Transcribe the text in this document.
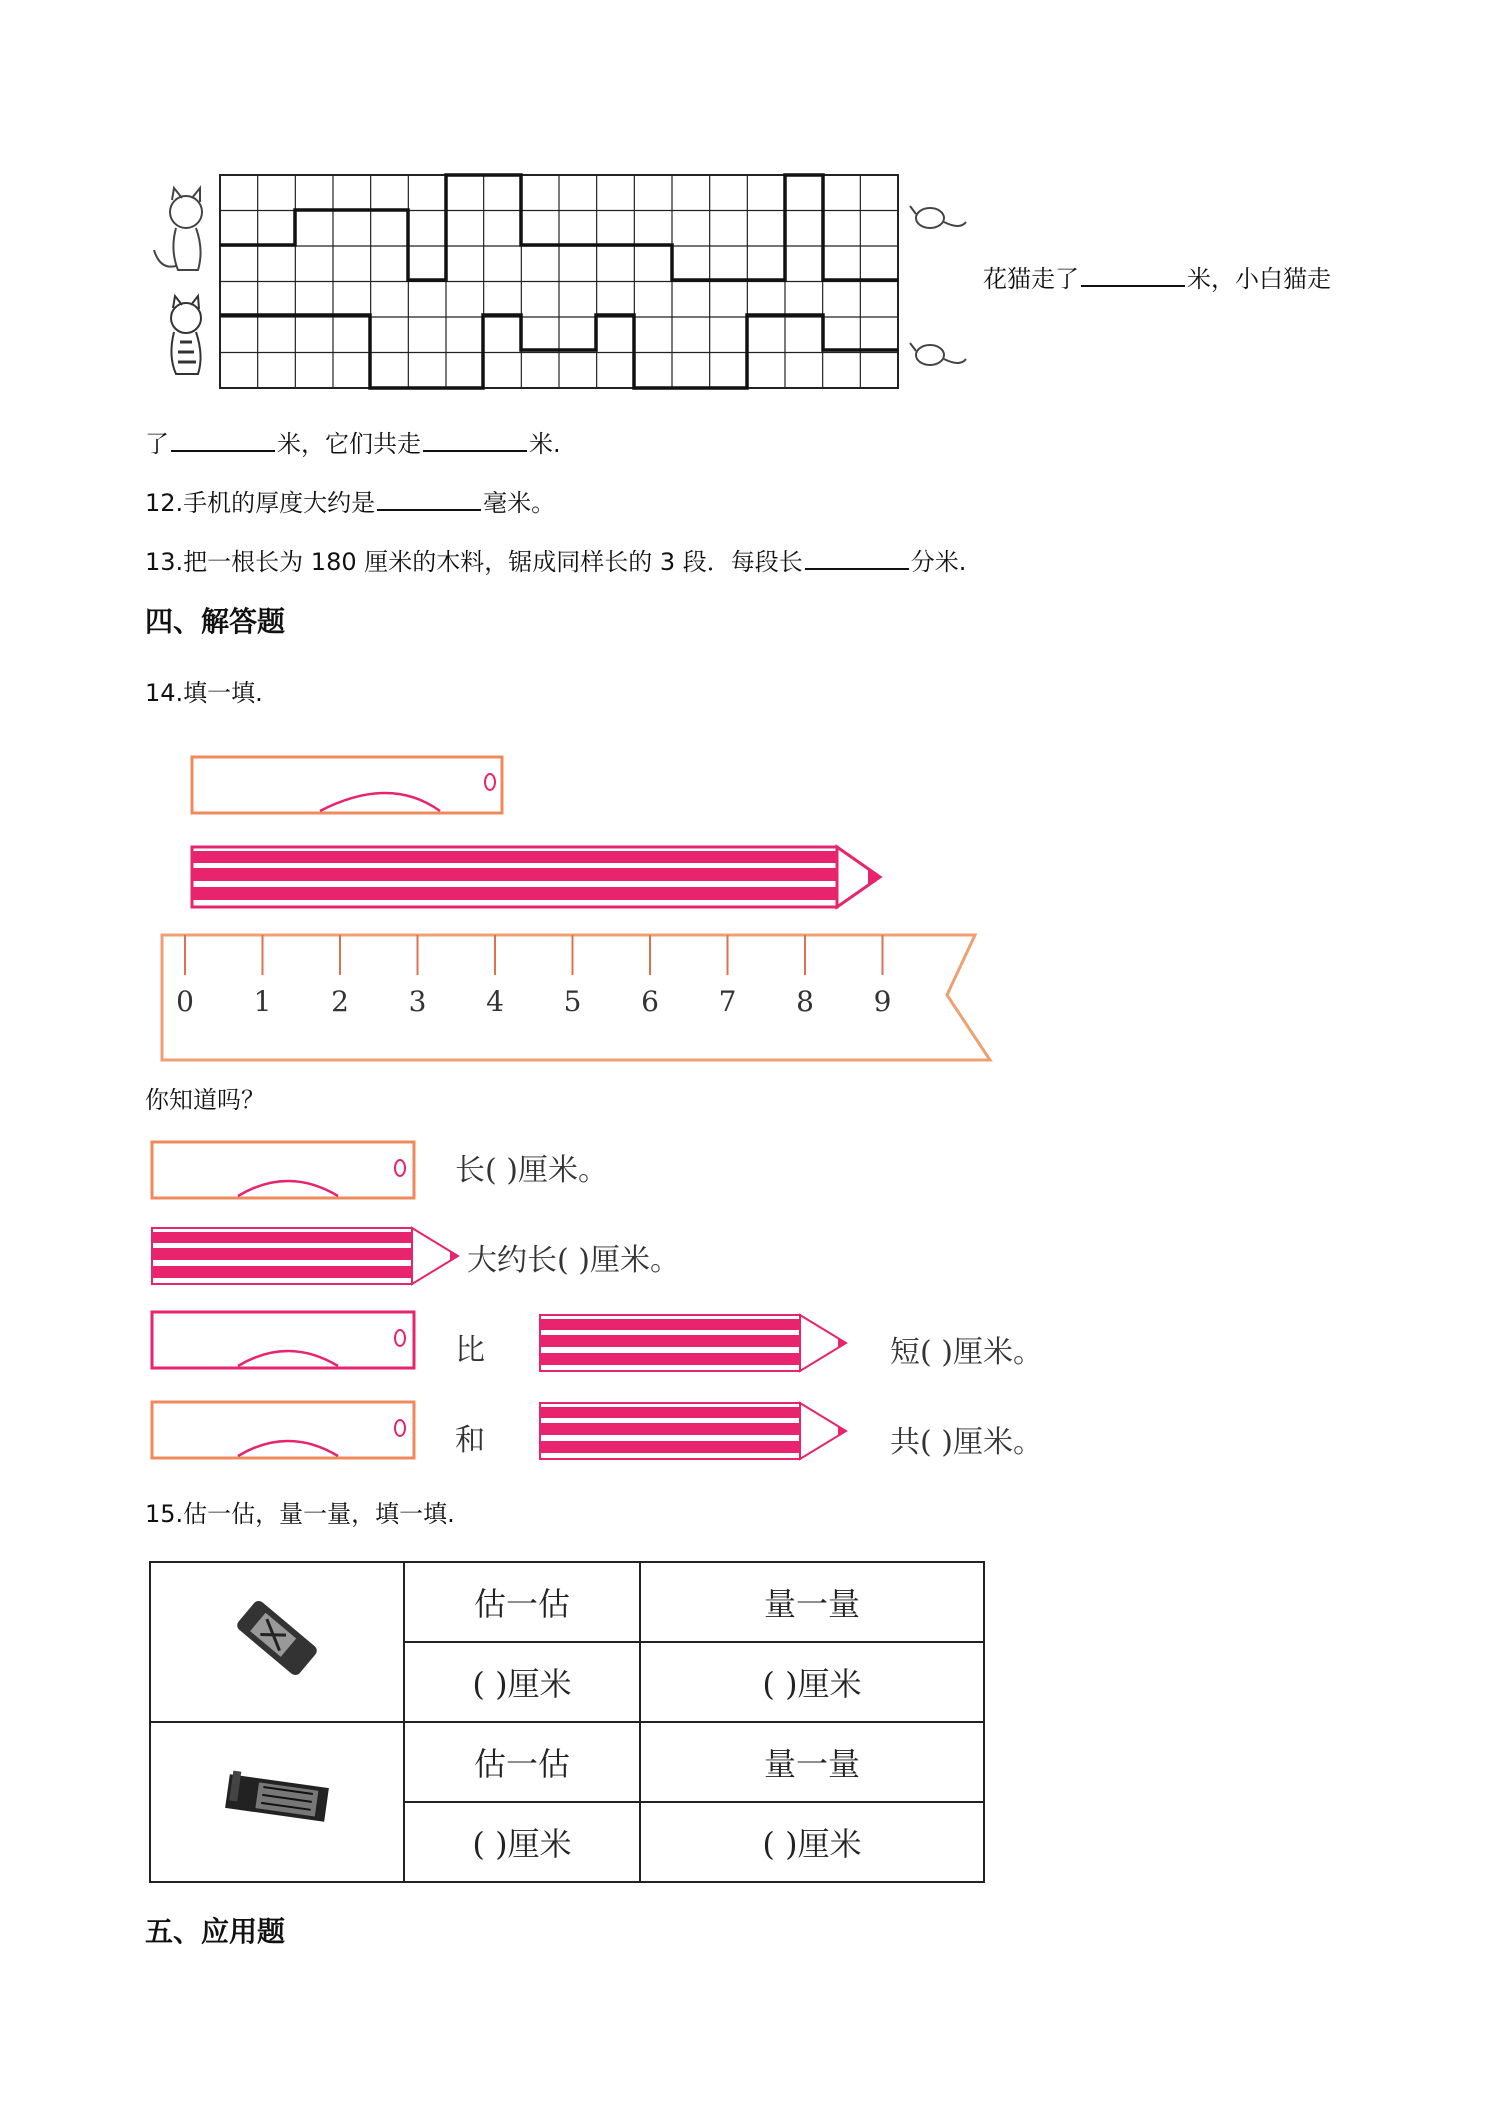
花猫走了	米，小白猫走
了	米，它们共走	米.
12.手机的厚度大约是	毫米。
13.把一根长为 180 厘米的木料，锯成同样长的 3 段．每段长	分米.
四、解答题
14.填一填.
0 1 2 3 4 5 6 7 8 9
你知道吗？
长( )厘米。
大约长( )厘米。
比	短( )厘米。
和	共( )厘米。
15.估一估，量一量，填一填.
	估一估	量一量
	( )厘米	( )厘米
	估一估	量一量
	( )厘米	( )厘米
五、应用题
